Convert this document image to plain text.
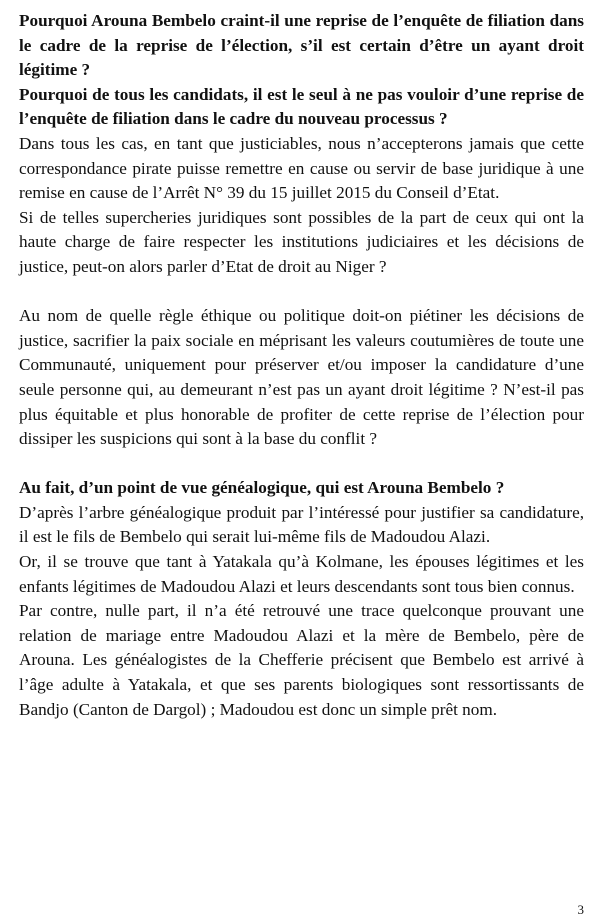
Pourquoi Arouna Bembelo craint-il une reprise de l’enquête de filiation dans le cadre de la reprise de l’élection, s’il est certain d’être un ayant droit légitime ?

Pourquoi de tous les candidats, il est le seul à ne pas vouloir d’une reprise de l’enquête de filiation dans le cadre du nouveau processus ?

Dans tous les cas, en tant que justiciables, nous n’accepterons jamais que cette correspondance pirate puisse remettre en cause ou servir de base juridique à une remise en cause de l’Arrêt N° 39 du 15 juillet 2015 du Conseil d’Etat.

Si de telles supercheries juridiques sont possibles de la part de ceux qui ont la haute charge de faire respecter les institutions judiciaires et les décisions de justice, peut-on alors parler d’Etat de droit au Niger ?

Au nom de quelle règle éthique ou politique doit-on piétiner les décisions de justice, sacrifier la paix sociale en méprisant les valeurs coutumières de toute une Communauté, uniquement pour préserver et/ou imposer la candidature d’une seule personne qui, au demeurant n’est pas un ayant droit légitime ? N’est-il pas plus équitable et plus honorable de profiter de cette reprise de l’élection pour dissiper les suspicions qui sont à la base du conflit ?

Au fait, d’un point de vue généalogique, qui est Arouna Bembelo ?

D’après l’arbre généalogique produit par l’intéressé pour justifier sa candidature, il est le fils de Bembelo qui serait lui-même fils de Madoudou Alazi.

Or, il se trouve que tant à Yatakala qu’à Kolmane, les épouses légitimes et les enfants légitimes de Madoudou Alazi et leurs descendants sont tous bien connus.

Par contre, nulle part, il n’a été retrouvé une trace quelconque prouvant une relation de mariage entre Madoudou Alazi et la mère de Bembelo, père de Arouna. Les généalogistes de la Chefferie précisent que Bembelo est arrivé à l’âge adulte à Yatakala, et que ses parents biologiques sont ressortissants de Bandjo (Canton de Dargol) ; Madoudou est donc un simple prêt nom.

3
